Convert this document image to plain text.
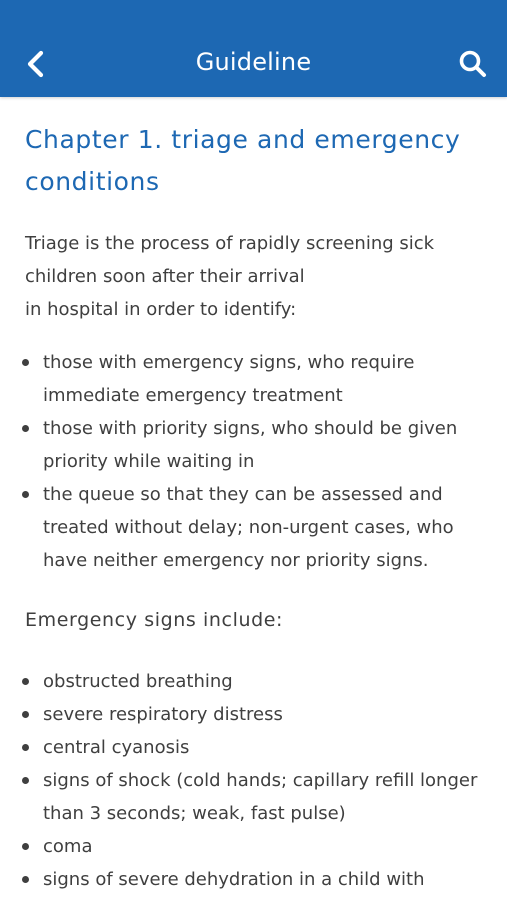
Guideline
Chapter 1. triage and emergency conditions

Triage is the process of rapidly screening sick children soon after their arrival
in hospital in order to identify:

those with emergency signs, who require immediate emergency treatment
those with priority signs, who should be given priority while waiting in
the queue so that they can be assessed and treated without delay; non-urgent cases, who have neither emergency nor priority signs.
Emergency signs include:
obstructed breathing
severe respiratory distress
central cyanosis
signs of shock (cold hands; capillary refill longer than 3 seconds; weak, fast pulse)
coma
signs of severe dehydration in a child with
